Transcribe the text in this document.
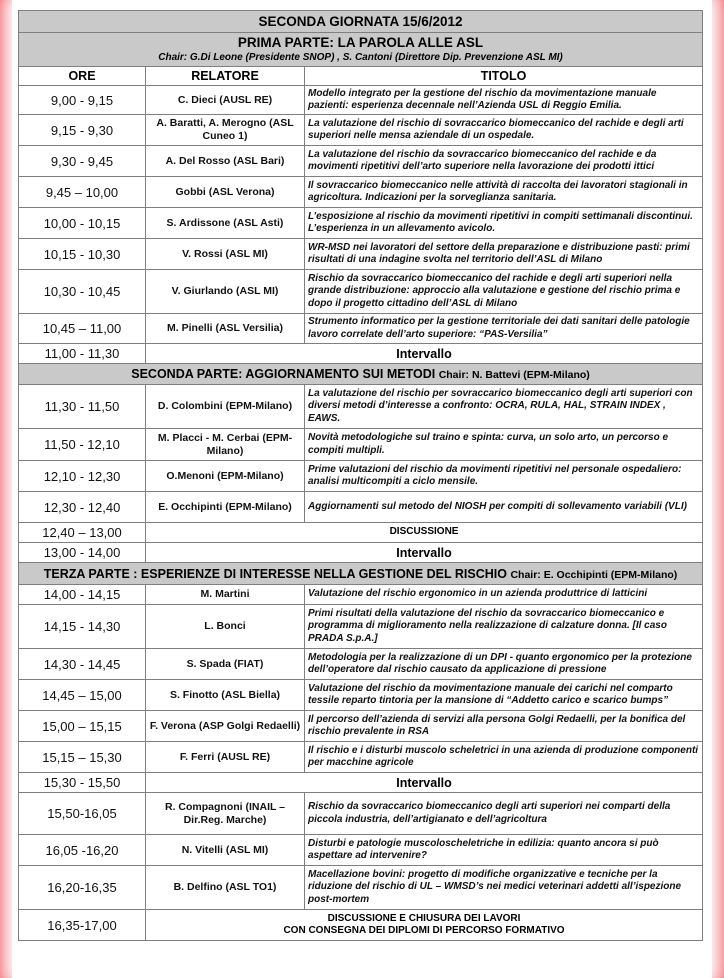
SECONDA GIORNATA 15/6/2012		

PRIMA PARTE: LA PAROLA ALLE ASL
Chair: G.Di Leone (Presidente SNOP) , S. Cantoni (Direttore Dip. Prevenzione ASL MI)		

ORE	RELATORE	TITOLO
9,00 - 9,15	C. Dieci (AUSL RE)	Modello integrato per la gestione del rischio da movimentazione manuale pazienti: esperienza decennale nell’Azienda USL di Reggio Emilia.
9,15 - 9,30	A. Baratti, A. Merogno (ASL Cuneo 1)	La valutazione del rischio di sovraccarico biomeccanico del rachide e degli arti superiori nelle mensa aziendale di un ospedale.
9,30 - 9,45	A. Del Rosso (ASL Bari)	La valutazione del rischio da sovraccarico biomeccanico del rachide e da movimenti ripetitivi dell’arto superiore nella lavorazione dei prodotti ittici
9,45 – 10,00	Gobbi (ASL Verona)	Il sovraccarico biomeccanico nelle attività di raccolta dei lavoratori stagionali in agricoltura. Indicazioni per la sorveglianza sanitaria.
10,00 - 10,15	S. Ardissone (ASL Asti)	L’esposizione al rischio da movimenti ripetitivi in compiti settimanali discontinui. L’esperienza in un allevamento avicolo.
10,15 - 10,30	V. Rossi (ASL MI)	WR-MSD nei lavoratori del settore della preparazione e distribuzione pasti: primi risultati di una indagine svolta nel territorio dell’ASL di Milano
10,30 - 10,45	V. Giurlando (ASL MI)	Rischio da sovraccarico biomeccanico del rachide e degli arti superiori nella grande distribuzione: approccio alla valutazione e gestione del rischio prima e dopo il progetto cittadino dell’ASL di Milano
10,45 – 11,00	M. Pinelli (ASL Versilia)	Strumento informatico per la gestione territoriale dei dati sanitari delle patologie lavoro correlate dell’arto superiore: “PAS-Versilia”
11,00 - 11,30	Intervallo	
SECONDA PARTE: AGGIORNAMENTO SUI METODI Chair: N. Battevi (EPM-Milano)		
11,30 - 11,50	D. Colombini (EPM-Milano)	La valutazione del rischio per sovraccarico biomeccanico degli arti superiori con diversi metodi d’interesse a confronto: OCRA, RULA, HAL, STRAIN INDEX , EAWS.
11,50 - 12,10	M. Placci - M. Cerbai (EPM-Milano)	Novità metodologiche sul traino e spinta: curva, un solo arto, un percorso e compiti multipli.
12,10 - 12,30	O.Menoni (EPM-Milano)	Prime valutazioni del rischio da movimenti ripetitivi nel personale ospedaliero: analisi multicompiti a ciclo mensile.
12,30 - 12,40	E. Occhipinti (EPM-Milano)	Aggiornamenti sul metodo del NIOSH per compiti di sollevamento variabili (VLI)
12,40 – 13,00	DISCUSSIONE	
13,00 - 14,00	Intervallo	
TERZA PARTE : ESPERIENZE DI INTERESSE NELLA GESTIONE DEL RISCHIO Chair: E. Occhipinti (EPM-Milano)		
14,00 - 14,15	M. Martini	Valutazione del rischio ergonomico in un azienda produttrice di latticini
14,15 - 14,30	L. Bonci	Primi risultati della valutazione del rischio da sovraccarico biomeccanico e programma di miglioramento nella realizzazione di calzature donna. [Il caso PRADA S.p.A.]
14,30 - 14,45	S. Spada (FIAT)	Metodologia per la realizzazione di un DPI - quanto ergonomico per la protezione dell’operatore dal rischio causato da applicazione di pressione
14,45 – 15,00	S. Finotto (ASL Biella)	Valutazione del rischio da movimentazione manuale dei carichi nel comparto tessile reparto tintoria per la mansione di “Addetto carico e scarico bumps”
15,00 – 15,15	F. Verona (ASP Golgi Redaelli)	Il percorso dell’azienda di servizi alla persona Golgi Redaelli, per la bonifica del rischio prevalente in RSA
15,15 – 15,30	F. Ferri (AUSL RE)	Il rischio e i disturbi muscolo scheletrici in una azienda di produzione componenti per macchine agricole
15,30 - 15,50	Intervallo	
15,50-16,05	R. Compagnoni (INAIL – Dir.Reg. Marche)	Rischio da sovraccarico biomeccanico degli arti superiori nei comparti della piccola industria, dell’artigianato e dell’agricoltura
16,05 -16,20	N. Vitelli (ASL MI)	Disturbi e patologie muscoloscheletriche in edilizia: quanto ancora si può aspettare ad intervenire?
16,20-16,35	B. Delfino (ASL TO1)	Macellazione bovini: progetto di modifiche organizzative e tecniche per la riduzione del rischio di UL – WMSD’s nei medici veterinari addetti all’ispezione post-mortem
16,35-17,00	DISCUSSIONE E CHIUSURA DEI LAVORI
CON CONSEGNA DEI DIPLOMI DI PERCORSO FORMATIVO	
